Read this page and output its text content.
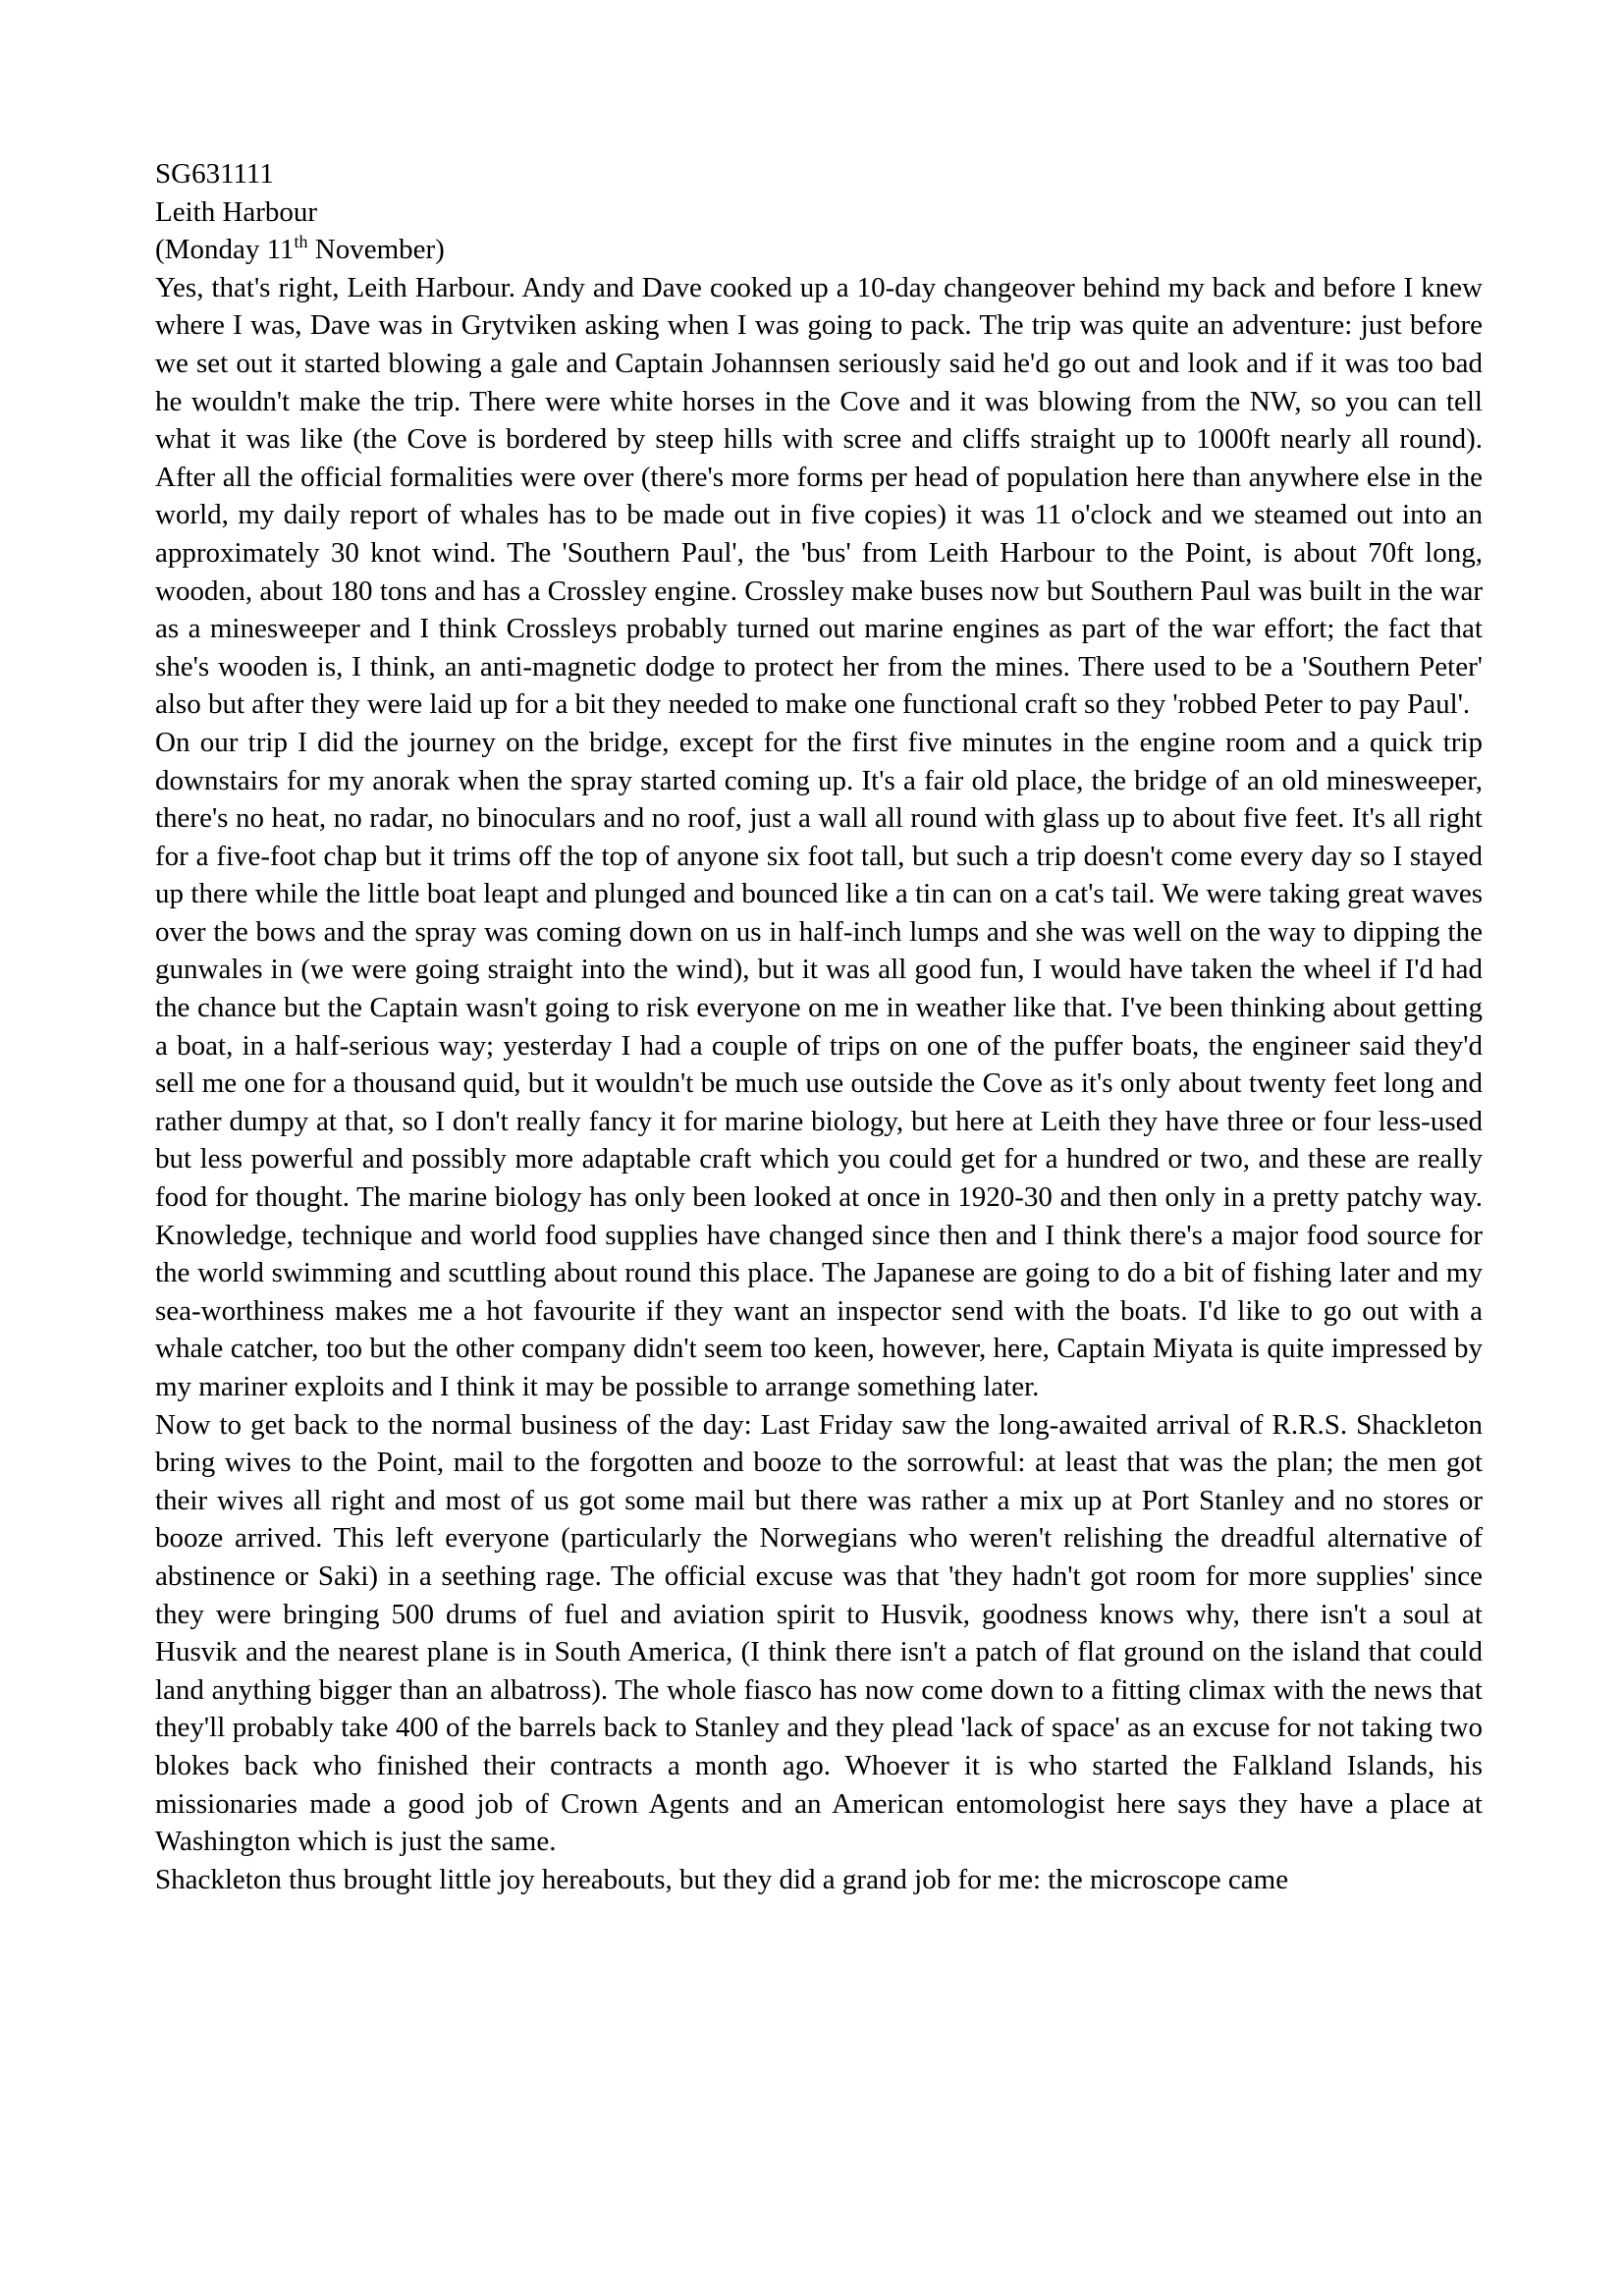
SG631111

Leith Harbour

(Monday 11th November)

Yes, that's right, Leith Harbour. Andy and Dave cooked up a 10-day changeover behind my back and before I knew where I was, Dave was in Grytviken asking when I was going to pack. The trip was quite an adventure: just before we set out it started blowing a gale and Captain Johannsen seriously said he'd go out and look and if it was too bad he wouldn't make the trip. There were white horses in the Cove and it was blowing from the NW, so you can tell what it was like (the Cove is bordered by steep hills with scree and cliffs straight up to 1000ft nearly all round). After all the official formalities were over (there's more forms per head of population here than anywhere else in the world, my daily report of whales has to be made out in five copies) it was 11 o'clock and we steamed out into an approximately 30 knot wind. The 'Southern Paul', the 'bus' from Leith Harbour to the Point, is about 70ft long, wooden, about 180 tons and has a Crossley engine. Crossley make buses now but Southern Paul was built in the war as a minesweeper and I think Crossleys probably turned out marine engines as part of the war effort; the fact that she's wooden is, I think, an anti-magnetic dodge to protect her from the mines. There used to be a 'Southern Peter' also but after they were laid up for a bit they needed to make one functional craft so they 'robbed Peter to pay Paul'.

On our trip I did the journey on the bridge, except for the first five minutes in the engine room and a quick trip downstairs for my anorak when the spray started coming up. It's a fair old place, the bridge of an old minesweeper, there's no heat, no radar, no binoculars and no roof, just a wall all round with glass up to about five feet. It's all right for a five-foot chap but it trims off the top of anyone six foot tall, but such a trip doesn't come every day so I stayed up there while the little boat leapt and plunged and bounced like a tin can on a cat's tail. We were taking great waves over the bows and the spray was coming down on us in half-inch lumps and she was well on the way to dipping the gunwales in (we were going straight into the wind), but it was all good fun, I would have taken the wheel if I'd had the chance but the Captain wasn't going to risk everyone on me in weather like that. I've been thinking about getting a boat, in a half-serious way; yesterday I had a couple of trips on one of the puffer boats, the engineer said they'd sell me one for a thousand quid, but it wouldn't be much use outside the Cove as it's only about twenty feet long and rather dumpy at that, so I don't really fancy it for marine biology, but here at Leith they have three or four less-used but less powerful and possibly more adaptable craft which you could get for a hundred or two, and these are really food for thought. The marine biology has only been looked at once in 1920-30 and then only in a pretty patchy way. Knowledge, technique and world food supplies have changed since then and I think there's a major food source for the world swimming and scuttling about round this place. The Japanese are going to do a bit of fishing later and my sea-worthiness makes me a hot favourite if they want an inspector send with the boats. I'd like to go out with a whale catcher, too but the other company didn't seem too keen, however, here, Captain Miyata is quite impressed by my mariner exploits and I think it may be possible to arrange something later.

Now to get back to the normal business of the day: Last Friday saw the long-awaited arrival of R.R.S. Shackleton bring wives to the Point, mail to the forgotten and booze to the sorrowful: at least that was the plan; the men got their wives all right and most of us got some mail but there was rather a mix up at Port Stanley and no stores or booze arrived. This left everyone (particularly the Norwegians who weren't relishing the dreadful alternative of abstinence or Saki) in a seething rage. The official excuse was that 'they hadn't got room for more supplies' since they were bringing 500 drums of fuel and aviation spirit to Husvik, goodness knows why, there isn't a soul at Husvik and the nearest plane is in South America, (I think there isn't a patch of flat ground on the island that could land anything bigger than an albatross). The whole fiasco has now come down to a fitting climax with the news that they'll probably take 400 of the barrels back to Stanley and they plead 'lack of space' as an excuse for not taking two blokes back who finished their contracts a month ago. Whoever it is who started the Falkland Islands, his missionaries made a good job of Crown Agents and an American entomologist here says they have a place at Washington which is just the same.

Shackleton thus brought little joy hereabouts, but they did a grand job for me: the microscope came
